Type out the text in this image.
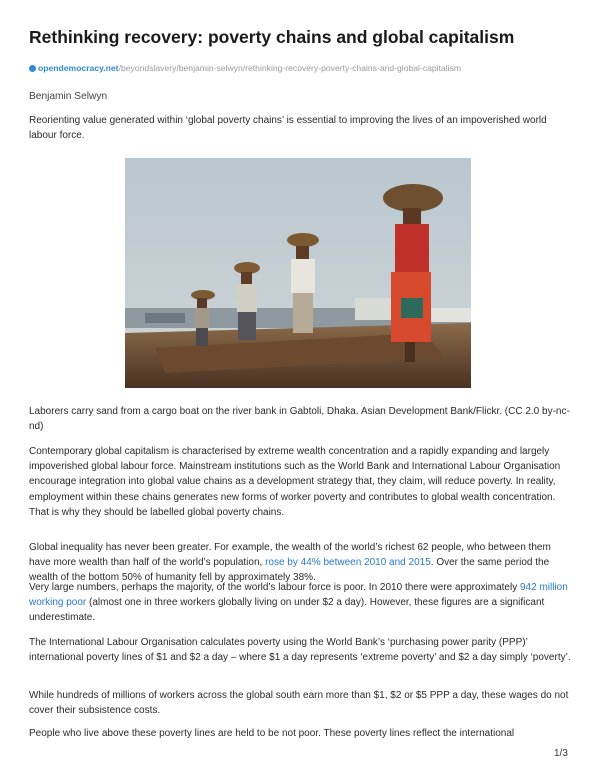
Rethinking recovery: poverty chains and global capitalism
opendemocracy.net/beyondslavery/benjamin-selwyn/rethinking-recovery-poverty-chains-and-global-capitalism
Benjamin Selwyn

Reorienting value generated within ‘global poverty chains’ is essential to improving the lives of an impoverished world labour force.

Laborers carry sand from a cargo boat on the river bank in Gabtoli, Dhaka. Asian Development Bank/Flickr. (CC 2.0 by-nc-nd)

Contemporary global capitalism is characterised by extreme wealth concentration and a rapidly expanding and largely impoverished global labour force. Mainstream institutions such as the World Bank and International Labour Organisation encourage integration into global value chains as a development strategy that, they claim, will reduce poverty. In reality, employment within these chains generates new forms of worker poverty and contributes to global wealth concentration. That is why they should be labelled global poverty chains.

Global inequality has never been greater. For example, the wealth of the world’s richest 62 people, who between them have more wealth than half of the world’s population, rose by 44% between 2010 and 2015. Over the same period the wealth of the bottom 50% of humanity fell by approximately 38%.

Very large numbers, perhaps the majority, of the world’s labour force is poor. In 2010 there were approximately 942 million working poor (almost one in three workers globally living on under $2 a day). However, these figures are a significant underestimate.

The International Labour Organisation calculates poverty using the World Bank’s ‘purchasing power parity (PPP)’ international poverty lines of $1 and $2 a day – where $1 a day represents ‘extreme poverty’ and $2 a day simply ‘poverty’.

While hundreds of millions of workers across the global south earn more than $1, $2 or $5 PPP a day, these wages do not cover their subsistence costs.

People who live above these poverty lines are held to be not poor. These poverty lines reflect the international

1/3
